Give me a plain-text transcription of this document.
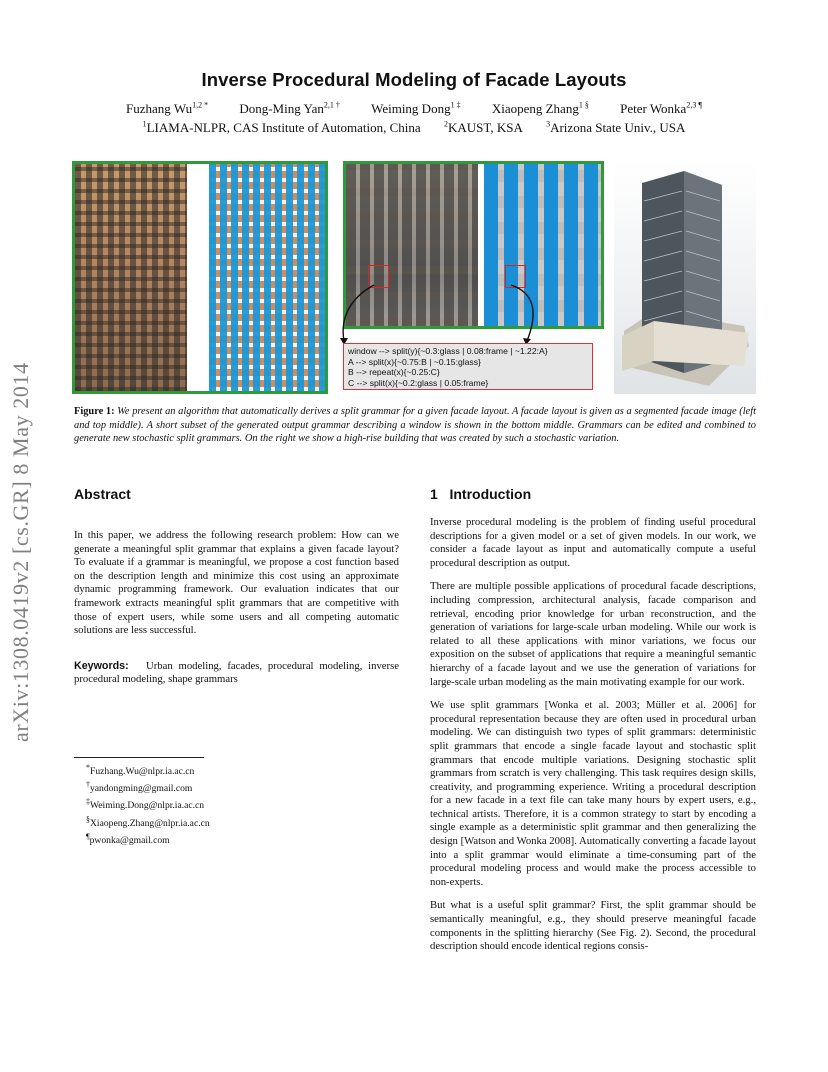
Inverse Procedural Modeling of Facade Layouts
Fuzhang $Wu^{1,2 *}$ Dong-Ming Yan$^{2,1 \dagger}$ Weiming Dong$^{1 \ddagger}$ Xiaopeng Zhang$^{1 \S}$ Peter Wonka$^{2,3 \P}$
$^1$LIAMA-NLPR, CAS Institute of Automation, China	$^2$KAUST, KSA	$^3$Arizona State Univ., USA
arXiv:1308.0419v2 [cs.GR] 8 May 2014
window --> split(y){~0.3:glass | 0.08:frame | ~1.22:A}
A --> split(x){~0.75:B | ~0.15:glass}
B --> repeat(x){~0.25:C}
C --> split(x){~0.2:glass | 0.05:frame}
Figure 1: We present an algorithm that automatically derives a split grammar for a given facade layout. A facade layout is given as a segmented facade image (left and top middle). A short subset of the generated output grammar describing a window is shown in the bottom middle. Grammars can be edited and combined to generate new stochastic split grammars. On the right we show a high-rise building that was created by such a stochastic variation.
Abstract

In this paper, we address the following research problem: How can we generate a meaningful split grammar that explains a given facade layout? To evaluate if a grammar is meaningful, we propose a cost function based on the description length and minimize this cost using an approximate dynamic programming framework. Our evaluation indicates that our framework extracts meaningful split grammars that are competitive with those of expert users, while some users and all competing automatic solutions are less successful.

Keywords: Urban modeling, facades, procedural modeling, inverse procedural modeling, shape grammars

*Fuzhang.Wu@nlpr.ia.ac.cn
†yandongming@gmail.com
‡Weiming.Dong@nlpr.ia.ac.cn
§Xiaopeng.Zhang@nlpr.ia.ac.cn
¶pwonka@gmail.com
1 Introduction

Inverse procedural modeling is the problem of finding useful procedural descriptions for a given model or a set of given models. In our work, we consider a facade layout as input and automatically compute a useful procedural description as output.

There are multiple possible applications of procedural facade descriptions, including compression, architectural analysis, facade comparison and retrieval, encoding prior knowledge for urban reconstruction, and the generation of variations for large-scale urban modeling. While our work is related to all these applications with minor variations, we focus our exposition on the subset of applications that require a meaningful semantic hierarchy of a facade layout and we use the generation of variations for large-scale urban modeling as the main motivating example for our work.

We use split grammars [Wonka et al. 2003; Müller et al. 2006] for procedural representation because they are often used in procedural urban modeling. We can distinguish two types of split grammars: deterministic split grammars that encode a single facade layout and stochastic split grammars that encode multiple variations. Designing stochastic split grammars from scratch is very challenging. This task requires design skills, creativity, and programming experience. Writing a procedural description for a new facade in a text file can take many hours by expert users, e.g., technical artists. Therefore, it is a common strategy to start by encoding a single example as a deterministic split grammar and then generalizing the design [Watson and Wonka 2008]. Automatically converting a facade layout into a split grammar would eliminate a time-consuming part of the procedural modeling process and would make the process accessible to non-experts.

But what is a useful split grammar? First, the split grammar should be semantically meaningful, e.g., they should preserve meaningful facade components in the splitting hierarchy (See Fig. 2). Second, the procedural description should encode identical regions consis-
